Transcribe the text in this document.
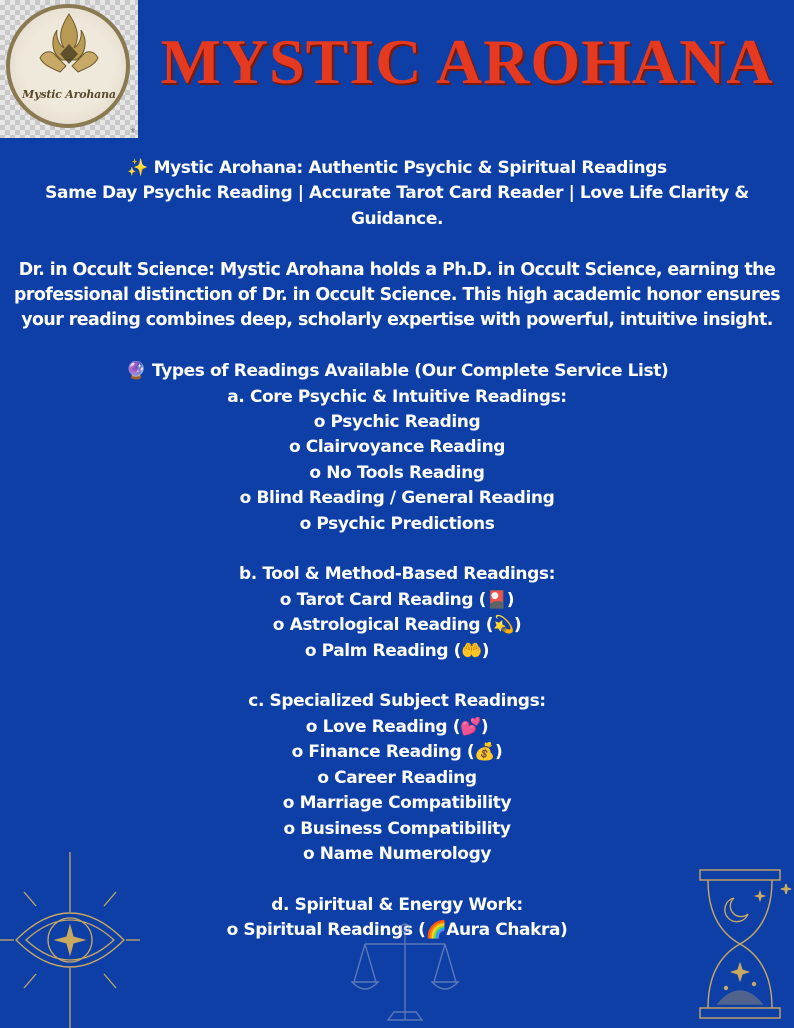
Mystic Arohana
®
MYSTIC AROHANA

✨ Mystic Arohana: Authentic Psychic & Spiritual Readings

Same Day Psychic Reading | Accurate Tarot Card Reader | Love Life Clarity &

Guidance.

Dr. in Occult Science: Mystic Arohana holds a Ph.D. in Occult Science, earning the

professional distinction of Dr. in Occult Science. This high academic honor ensures

your reading combines deep, scholarly expertise with powerful, intuitive insight.

🔮 Types of Readings Available (Our Complete Service List)

a. Core Psychic & Intuitive Readings:

o Psychic Reading

o Clairvoyance Reading

o No Tools Reading

o Blind Reading / General Reading

o Psychic Predictions

b. Tool & Method-Based Readings:

o Tarot Card Reading (🎴)

o Astrological Reading (💫)

o Palm Reading (🤲)

c. Specialized Subject Readings:

o Love Reading (💕)

o Finance Reading (💰)

o Career Reading

o Marriage Compatibility

o Business Compatibility

o Name Numerology

d. Spiritual & Energy Work:

o Spiritual Readings (🌈Aura Chakra)
